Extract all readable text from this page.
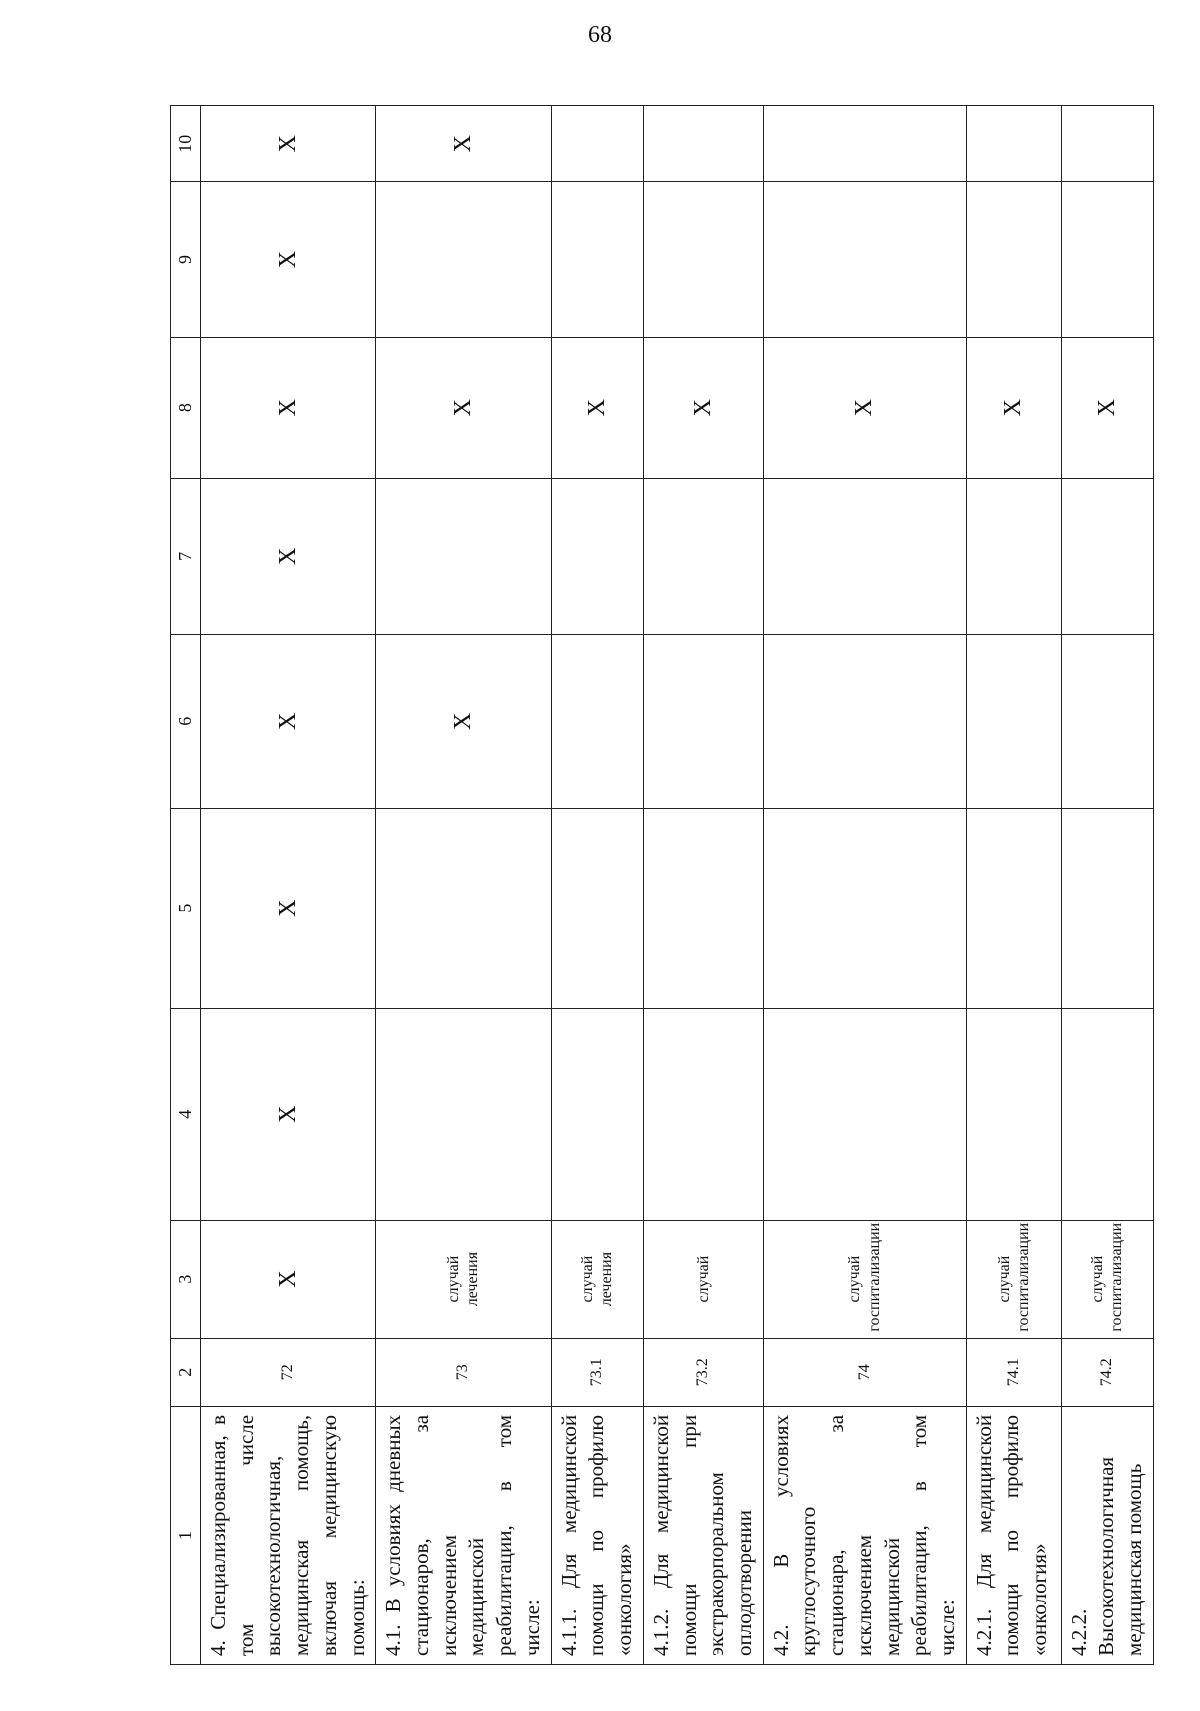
68
1	2	3	4	5	6	7	8	9	10
4. Специализированная, в том числе высокотехнологичная, медицинская помощь, включая медицинскую помощь:	72	X	X	X	X	X	X	X	X
4.1. В условиях дневных стационаров, за исключением медицинской реабилитации, в том числе:	73	случай лечения			X		X		X
4.1.1. Для медицинской помощи по профилю «онкология»	73.1	случай лечения					X		
4.1.2. Для медицинской помощи при экстракорпоральном оплодотворении	73.2	случай					X		
4.2. В условиях круглосуточного стационара, за исключением медицинской реабилитации, в том числе:	74	случай госпитализации					X		
4.2.1. Для медицинской помощи по профилю «онкология»	74.1	случай госпитализации					X		
4.2.2. Высокотехнологичная медицинская помощь	74.2	случай госпитализации					X		
